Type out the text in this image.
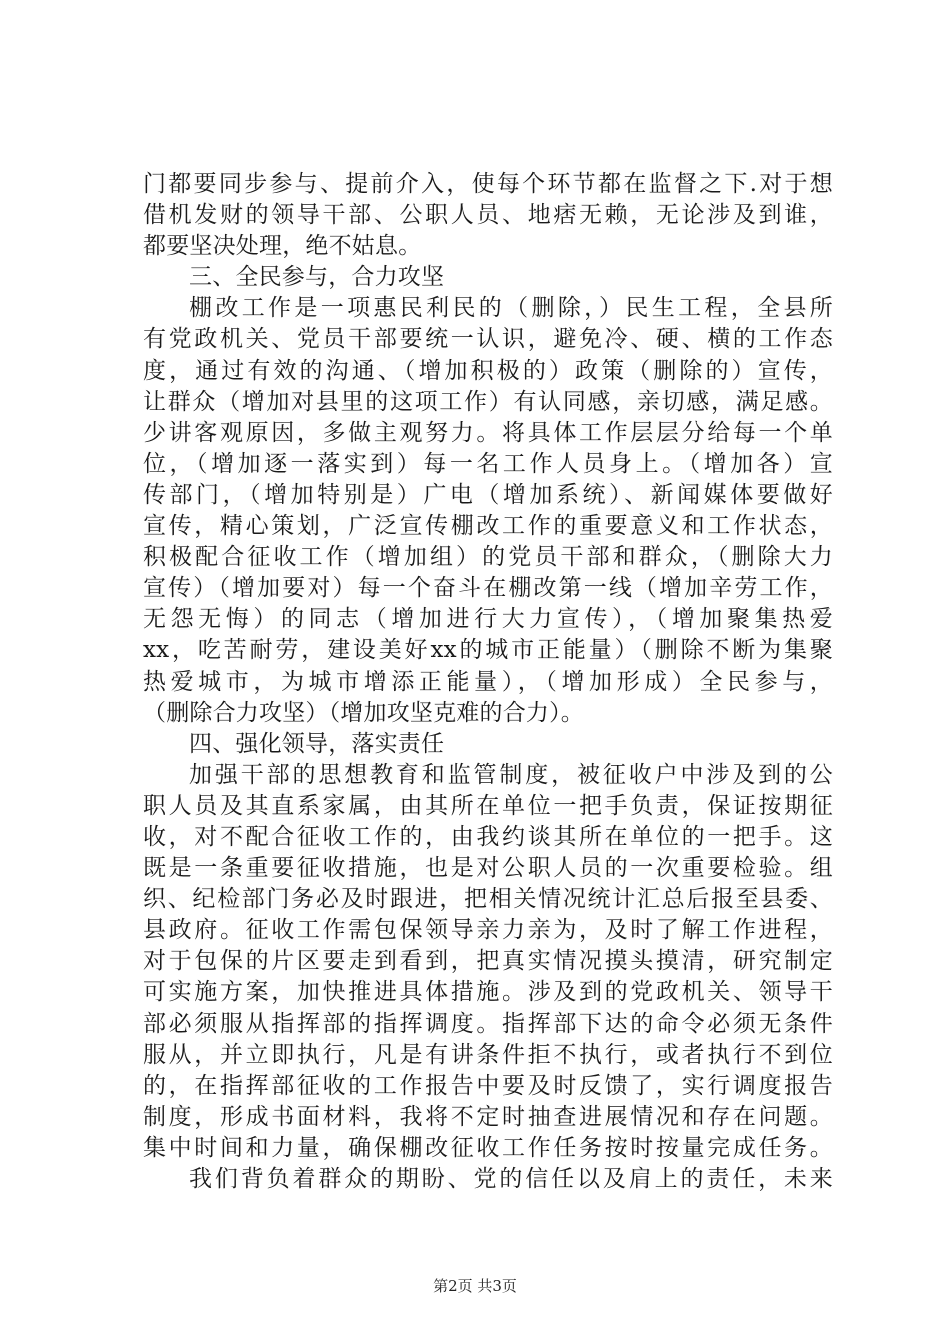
门都要同步参与、提前介入，使每个环节都在监督之下.对于想
借机发财的领导干部、公职人员、地痞无赖，无论涉及到谁，
都要坚决处理，绝不姑息。
三、全民参与，合力攻坚
棚改工作是一项惠民利民的（删除，）民生工程，全县所
有党政机关、党员干部要统一认识，避免冷、硬、横的工作态
度，通过有效的沟通、（增加积极的）政策（删除的）宣传，
让群众（增加对县里的这项工作）有认同感，亲切感，满足感。
少讲客观原因，多做主观努力。将具体工作层层分给每一个单
位，（增加逐一落实到）每一名工作人员身上。（增加各）宣
传部门，（增加特别是）广电（增加系统）、新闻媒体要做好
宣传，精心策划，广泛宣传棚改工作的重要意义和工作状态，
积极配合征收工作（增加组）的党员干部和群众，（删除大力
宣传）（增加要对）每一个奋斗在棚改第一线（增加辛劳工作，
无怨无悔）的同志（增加进行大力宣传），（增加聚集热爱
xx，吃苦耐劳，建设美好xx的城市正能量）（删除不断为集聚
热爱城市，为城市增添正能量），（增加形成）全民参与，
（删除合力攻坚）（增加攻坚克难的合力）。
四、强化领导，落实责任
加强干部的思想教育和监管制度，被征收户中涉及到的公
职人员及其直系家属，由其所在单位一把手负责，保证按期征
收，对不配合征收工作的，由我约谈其所在单位的一把手。这
既是一条重要征收措施，也是对公职人员的一次重要检验。组
织、纪检部门务必及时跟进，把相关情况统计汇总后报至县委、
县政府。征收工作需包保领导亲力亲为，及时了解工作进程，
对于包保的片区要走到看到，把真实情况摸头摸清，研究制定
可实施方案，加快推进具体措施。涉及到的党政机关、领导干
部必须服从指挥部的指挥调度。指挥部下达的命令必须无条件
服从，并立即执行，凡是有讲条件拒不执行，或者执行不到位
的，在指挥部征收的工作报告中要及时反馈了，实行调度报告
制度，形成书面材料，我将不定时抽查进展情况和存在问题。
集中时间和力量，确保棚改征收工作任务按时按量完成任务。
我们背负着群众的期盼、党的信任以及肩上的责任，未来
第2页 共3页
